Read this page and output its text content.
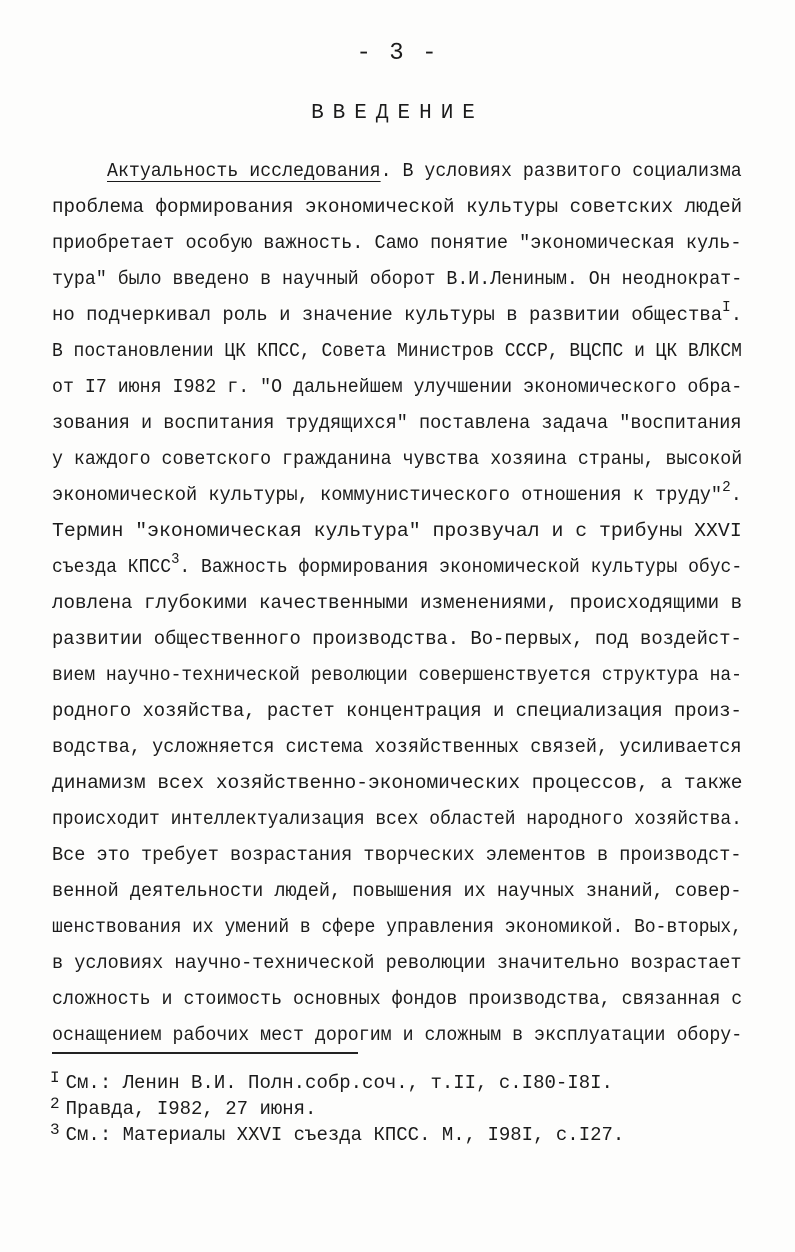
- 3 -
ВВЕДЕНИЕ
Актуальность исследования. В условиях развитого социализма
проблема формирования экономической культуры советских людей
приобретает особую важность. Само понятие "экономическая куль-
тура" было введено в научный оборот В.И.Лениным. Он неоднократ-
но подчеркивал роль и значение культуры в развитии общества$^I$.
В постановлении ЦК КПСС, Совета Министров СССР, ВЦСПС и ЦК ВЛКСМ
от I7 июня I982 г. "О дальнейшем улучшении экономического обра-
зования и воспитания трудящихся" поставлена задача "воспитания
у каждого советского гражданина чувства хозяина страны, высокой
экономической культуры, коммунистического отношения к труду"$^2$.
Термин "экономическая культура" прозвучал и с трибуны ХХVI
съезда КПСС$^3$. Важность формирования экономической культуры обус-
ловлена глубокими качественными изменениями, происходящими в
развитии общественного производства. Во-первых, под воздейст-
вием научно-технической революции совершенствуется структура на-
родного хозяйства, растет концентрация и специализация произ-
водства, усложняется система хозяйственных связей, усиливается
динамизм всех хозяйственно-экономических процессов, а также
происходит интеллектуализация всех областей народного хозяйства.
Все это требует возрастания творческих элементов в производст-
венной деятельности людей, повышения их научных знаний, совер-
шенствования их умений в сфере управления экономикой. Во-вторых,
в условиях научно-технической революции значительно возрастает
сложность и стоимость основных фондов производства, связанная с
оснащением рабочих мест дорогим и сложным в эксплуатации обору-
$^I$ См.: Ленин В.И. Полн.собр.соч., т.II, с.I80-I8I.
$^2$ Правда, I982, 27 июня.
$^3$ См.: Материалы ХХVI съезда КПСС. М., I98I, с.I27.
